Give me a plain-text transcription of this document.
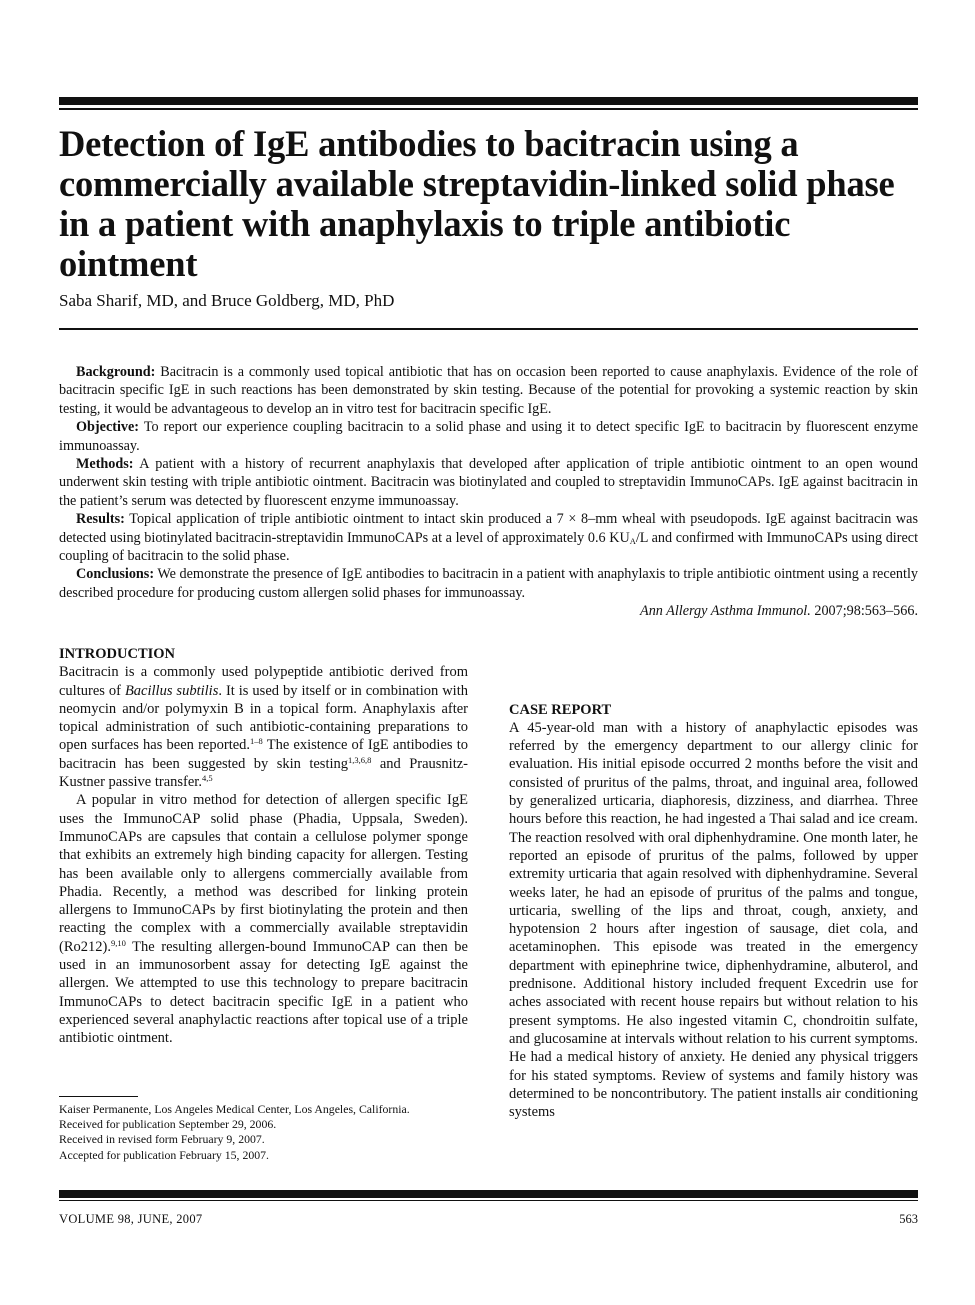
Detection of IgE antibodies to bacitracin using a commercially available streptavidin-linked solid phase in a patient with anaphylaxis to triple antibiotic ointment
Saba Sharif, MD, and Bruce Goldberg, MD, PhD

Background: Bacitracin is a commonly used topical antibiotic that has on occasion been reported to cause anaphylaxis. Evidence of the role of bacitracin specific IgE in such reactions has been demonstrated by skin testing. Because of the potential for provoking a systemic reaction by skin testing, it would be advantageous to develop an in vitro test for bacitracin specific IgE.

Objective: To report our experience coupling bacitracin to a solid phase and using it to detect specific IgE to bacitracin by fluorescent enzyme immunoassay.

Methods: A patient with a history of recurrent anaphylaxis that developed after application of triple antibiotic ointment to an open wound underwent skin testing with triple antibiotic ointment. Bacitracin was biotinylated and coupled to streptavidin ImmunoCAPs. IgE against bacitracin in the patient’s serum was detected by fluorescent enzyme immunoassay.

Results: Topical application of triple antibiotic ointment to intact skin produced a 7 × 8–mm wheal with pseudopods. IgE against bacitracin was detected using biotinylated bacitracin-streptavidin ImmunoCAPs at a level of approximately 0.6 $KU_A/L$ and confirmed with ImmunoCAPs using direct coupling of bacitracin to the solid phase.

Conclusions: We demonstrate the presence of IgE antibodies to bacitracin in a patient with anaphylaxis to triple antibiotic ointment using a recently described procedure for producing custom allergen solid phases for immunoassay.

Ann Allergy Asthma Immunol. 2007;98:563–566.

INTRODUCTION

Bacitracin is a commonly used polypeptide antibiotic derived from cultures of Bacillus subtilis. It is used by itself or in combination with neomycin and/or polymyxin B in a topical form. Anaphylaxis after topical administration of such antibiotic-containing preparations to open surfaces has been reported.$^{1-8}$ The existence of IgE antibodies to bacitracin has been suggested by skin testing$^{1,3,6,8}$ and Prausnitz-Kustner passive transfer.$^{4,5}$

A popular in vitro method for detection of allergen specific IgE uses the ImmunoCAP solid phase (Phadia, Uppsala, Sweden). ImmunoCAPs are capsules that contain a cellulose polymer sponge that exhibits an extremely high binding capacity for allergen. Testing has been available only to allergens commercially available from Phadia. Recently, a method was described for linking protein allergens to ImmunoCAPs by first biotinylating the protein and then reacting the complex with a commercially available streptavidin (Ro212).$^{9,10}$ The resulting allergen-bound ImmunoCAP can then be used in an immunosorbent assay for detecting IgE against the allergen. We attempted to use this technology to prepare bacitracin ImmunoCAPs to detect bacitracin specific IgE in a patient who experienced several anaphylactic reactions after topical use of a triple antibiotic ointment.

Kaiser Permanente, Los Angeles Medical Center, Los Angeles, California.
Received for publication September 29, 2006.
Received in revised form February 9, 2007.
Accepted for publication February 15, 2007.

CASE REPORT

A 45-year-old man with a history of anaphylactic episodes was referred by the emergency department to our allergy clinic for evaluation. His initial episode occurred 2 months before the visit and consisted of pruritus of the palms, throat, and inguinal area, followed by generalized urticaria, diaphoresis, dizziness, and diarrhea. Three hours before this reaction, he had ingested a Thai salad and ice cream. The reaction resolved with oral diphenhydramine. One month later, he reported an episode of pruritus of the palms, followed by upper extremity urticaria that again resolved with diphenhydramine. Several weeks later, he had an episode of pruritus of the palms and tongue, urticaria, swelling of the lips and throat, cough, anxiety, and hypotension 2 hours after ingestion of sausage, diet cola, and acetaminophen. This episode was treated in the emergency department with epinephrine twice, diphenhydramine, albuterol, and prednisone. Additional history included frequent Excedrin use for aches associated with recent house repairs but without relation to his present symptoms. He also ingested vitamin C, chondroitin sulfate, and glucosamine at intervals without relation to his current symptoms. He had a medical history of anxiety. He denied any physical triggers for his stated symptoms. Review of systems and family history was determined to be noncontributory. The patient installs air conditioning systems

VOLUME 98, JUNE, 2007	563
